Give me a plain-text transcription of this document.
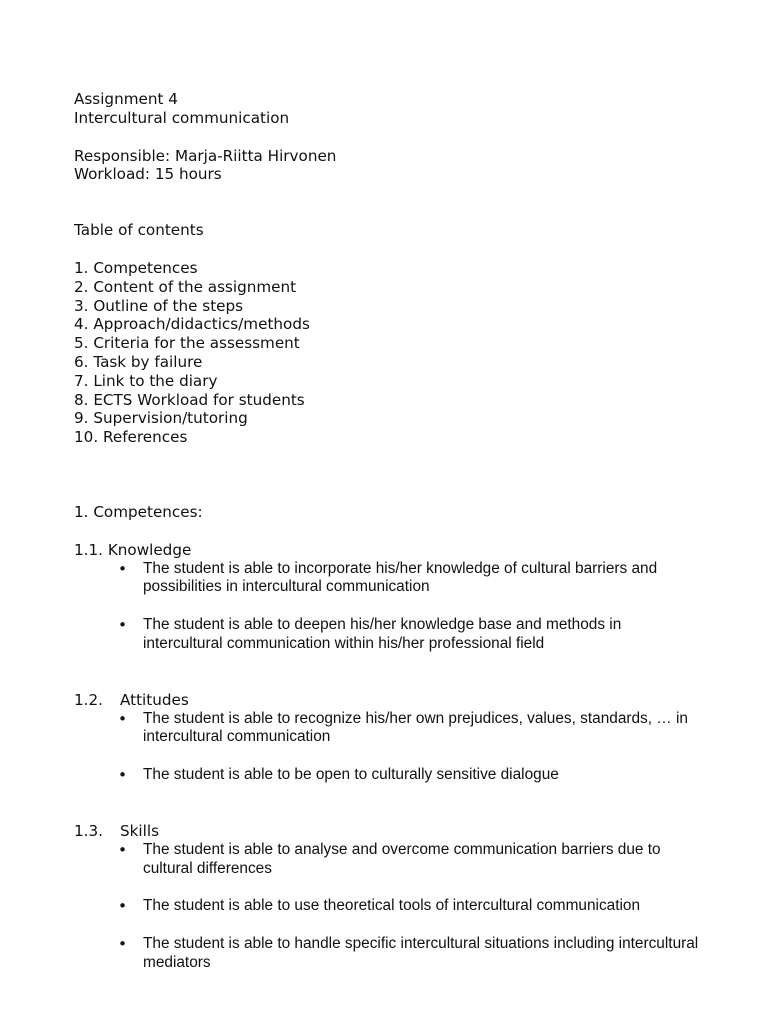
Assignment 4
Intercultural communication
Responsible: Marja-Riitta Hirvonen
Workload: 15 hours
Table of contents
1. Competences
2. Content of the assignment
3. Outline of the steps
4. Approach/didactics/methods
5. Criteria for the assessment
6. Task by failure
7. Link to the diary
8. ECTS Workload for students
9. Supervision/tutoring
10. References
1. Competences:
1.1. Knowledge
• The student is able to incorporate his/her knowledge of cultural barriers and possibilities in intercultural communication
• The student is able to deepen his/her knowledge base and methods in intercultural communication within his/her professional field
1.2. Attitudes
• The student is able to recognize his/her own prejudices, values, standards, … in intercultural communication
• The student is able to be open to culturally sensitive dialogue
1.3. Skills
• The student is able to analyse and overcome communication barriers due to cultural differences
• The student is able to use theoretical tools of intercultural communication
• The student is able to handle specific intercultural situations including intercultural mediators
